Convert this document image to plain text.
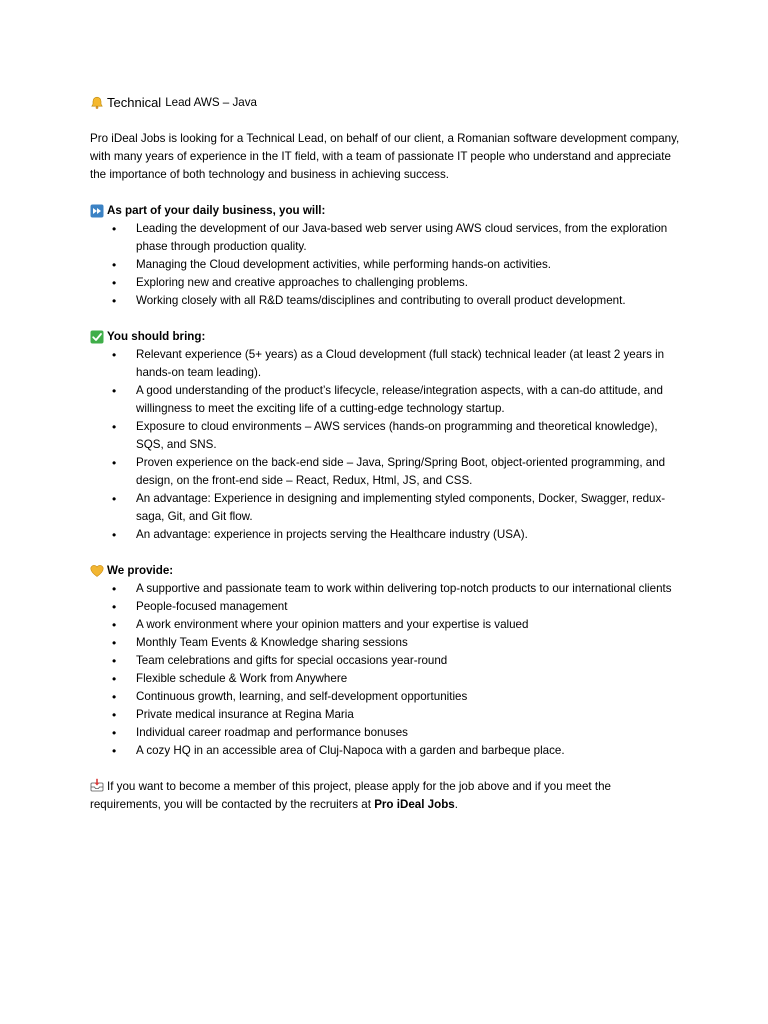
Technical Lead AWS – Java

Pro iDeal Jobs is looking for a Technical Lead, on behalf of our client, a Romanian software development company, with many years of experience in the IT field, with a team of passionate IT people who understand and appreciate the importance of both technology and business in achieving success.

As part of your daily business, you will:
• Leading the development of our Java-based web server using AWS cloud services, from the exploration phase through production quality.
• Managing the Cloud development activities, while performing hands-on activities.
• Exploring new and creative approaches to challenging problems.
• Working closely with all R&D teams/disciplines and contributing to overall product development.
You should bring:
• Relevant experience (5+ years) as a Cloud development (full stack) technical leader (at least 2 years in hands-on team leading).
• A good understanding of the product’s lifecycle, release/integration aspects, with a can-do attitude, and willingness to meet the exciting life of a cutting-edge technology startup.
• Exposure to cloud environments – AWS services (hands-on programming and theoretical knowledge), SQS, and SNS.
• Proven experience on the back-end side – Java, Spring/Spring Boot, object-oriented programming, and design, on the front-end side – React, Redux, Html, JS, and CSS.
• An advantage: Experience in designing and implementing styled components, Docker, Swagger, redux-saga, Git, and Git flow.
• An advantage: experience in projects serving the Healthcare industry (USA).
We provide:
• A supportive and passionate team to work within delivering top-notch products to our international clients
• People-focused management
• A work environment where your opinion matters and your expertise is valued
• Monthly Team Events & Knowledge sharing sessions
• Team celebrations and gifts for special occasions year-round
• Flexible schedule & Work from Anywhere
• Continuous growth, learning, and self-development opportunities
• Private medical insurance at Regina Maria
• Individual career roadmap and performance bonuses
• A cozy HQ in an accessible area of Cluj-Napoca with a garden and barbeque place.

If you want to become a member of this project, please apply for the job above and if you meet the requirements, you will be contacted by the recruiters at Pro iDeal Jobs.
